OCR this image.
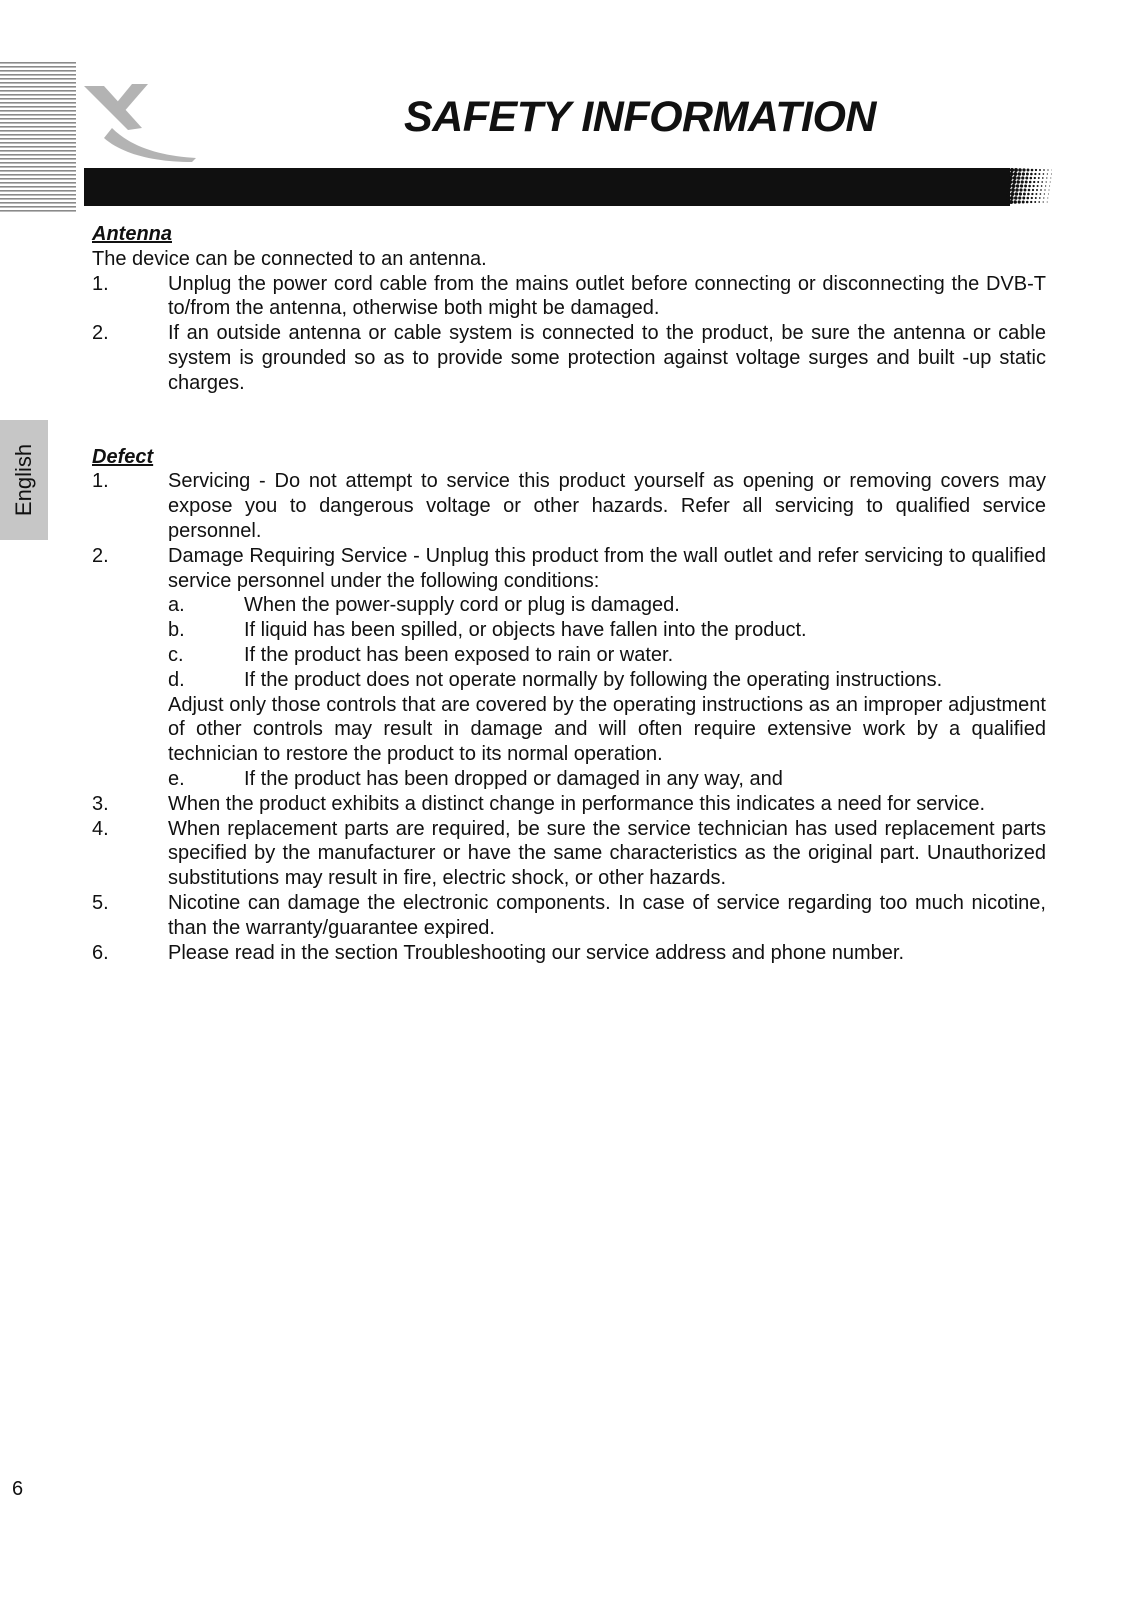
SAFETY INFORMATION
English

Antenna

The device can be connected to an antenna.

1.	Unplug the power cord cable from the mains outlet before connecting or disconnecting the DVB-T to/from the antenna, otherwise both might be damaged.
2.	If an outside antenna or cable system is connected to the product, be sure the antenna or cable system is grounded so as to provide some protection against voltage surges and built -up static charges.

Defect

1.	Servicing - Do not attempt to service this product yourself as opening or removing covers may expose you to dangerous voltage or other hazards. Refer all servicing to qualified service personnel.
2.	Damage Requiring Service - Unplug this product from the wall outlet and refer servicing to qualified service personnel under the following conditions:
a.	When the power-supply cord or plug is damaged.
b.	If liquid has been spilled, or objects have fallen into the product.
c.	If the product has been exposed to rain or water.
d.	If the product does not operate normally by following the operating instructions.
Adjust only those controls that are covered by the operating instructions as an improper adjustment of other controls may result in damage and will often require extensive work by a qualified technician to restore the product to its normal operation.
e.	If the product has been dropped or damaged in any way, and
3.	When the product exhibits a distinct change in performance this indicates a need for service.
4.	When replacement parts are required, be sure the service technician has used replacement parts specified by the manufacturer or have the same characteristics as the original part. Unauthorized substitutions may result in fire, electric shock, or other hazards.
5.	Nicotine can damage the electronic components. In case of service regarding too much nicotine, than the warranty/guarantee expired.
6.	Please read in the section Troubleshooting our service address and phone number.
6
